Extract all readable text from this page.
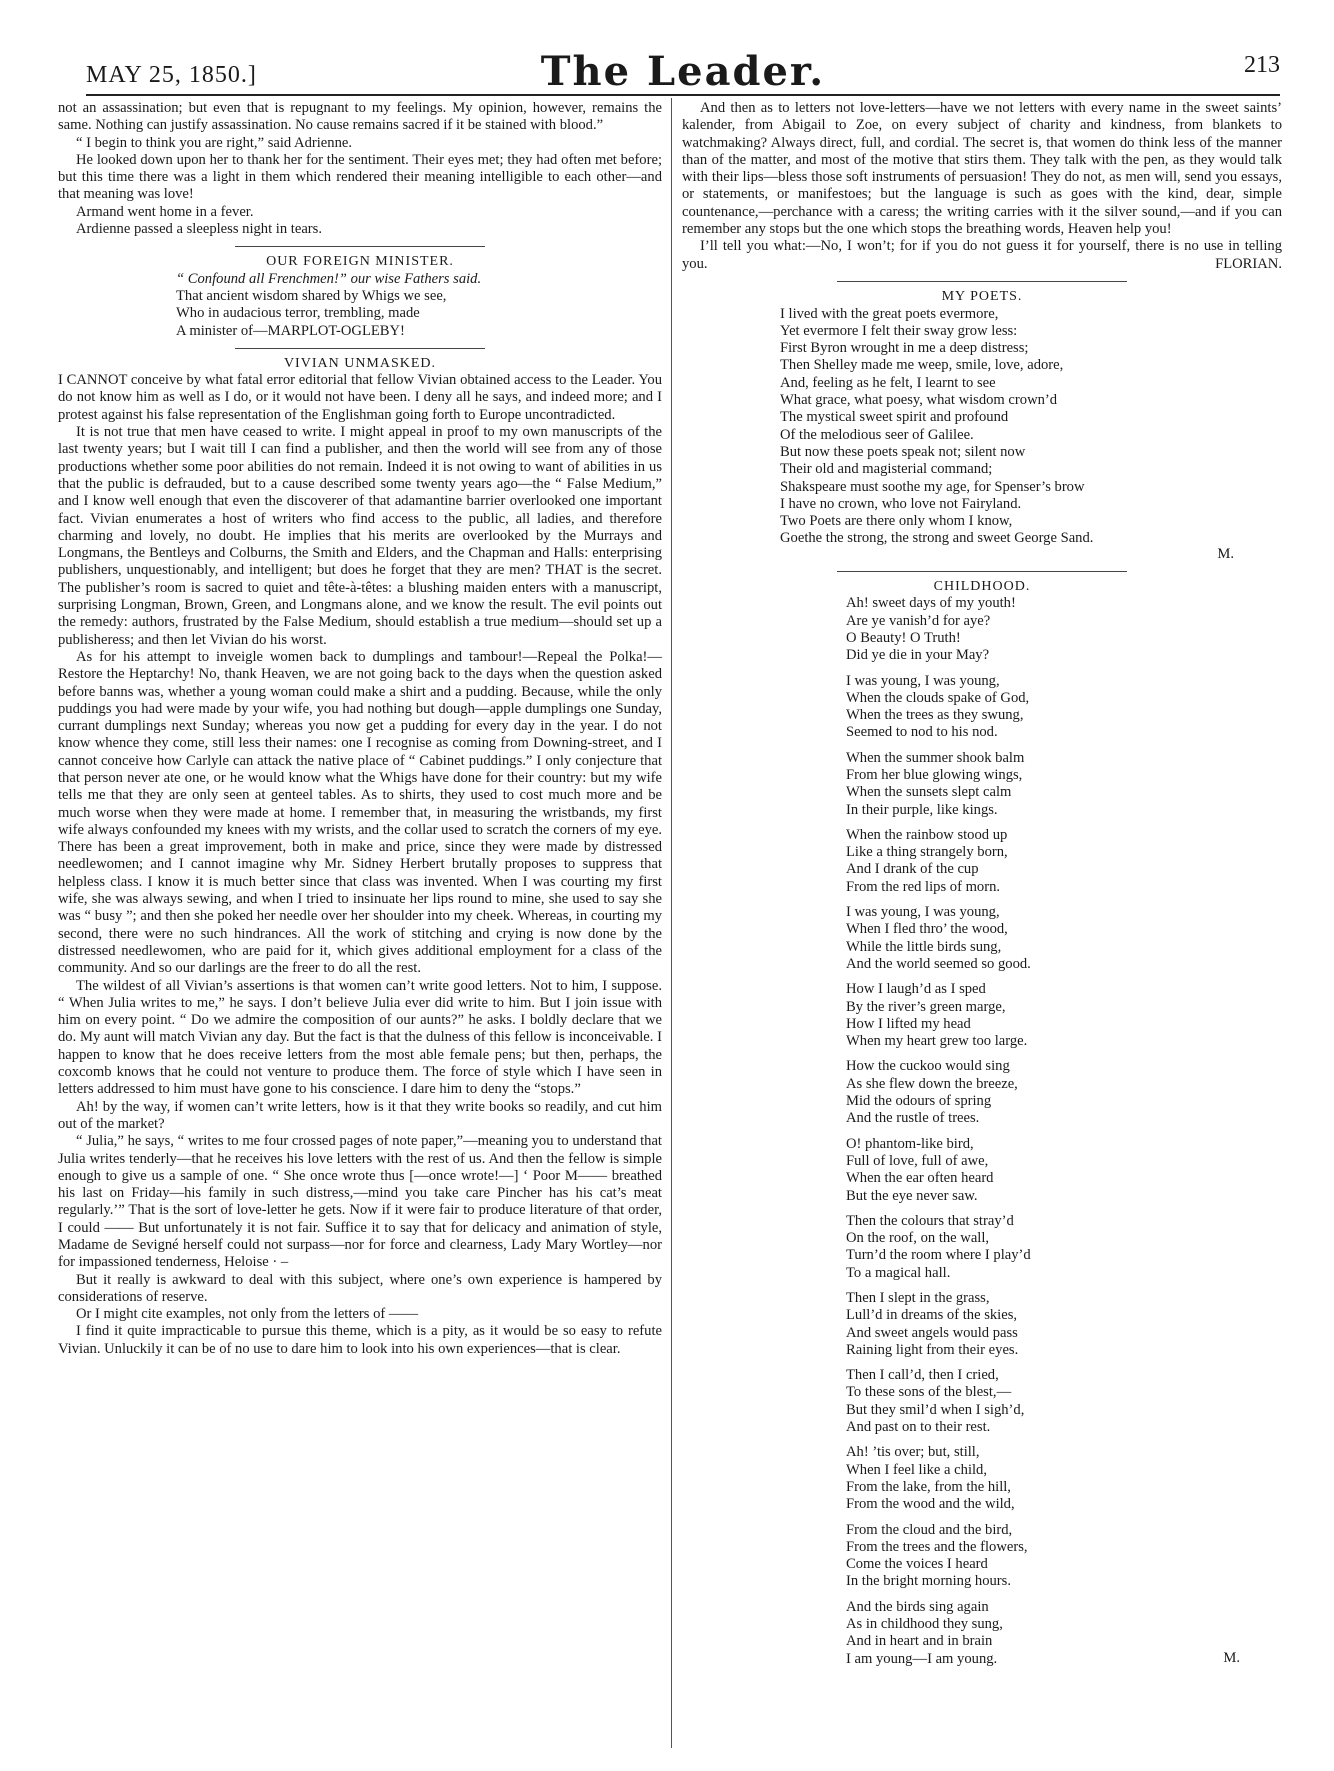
MAY 25, 1850.]	The Leader.	213

not an assassination; but even that is repugnant to my feelings. My opinion, however, remains the same. Nothing can justify assassination. No cause remains sacred if it be stained with blood.”

“ I begin to think you are right,” said Adrienne.

He looked down upon her to thank her for the sentiment. Their eyes met; they had often met before; but this time there was a light in them which rendered their meaning intelligible to each other—and that meaning was love!

Armand went home in a fever.

Ardienne passed a sleepless night in tears.

OUR FOREIGN MINISTER.
“ Confound all Frenchmen!” our wise Fathers said.
That ancient wisdom shared by Whigs we see,
Who in audacious terror, trembling, made
A minister of—MARPLOT-OGLEBY!
VIVIAN UNMASKED.

I CANNOT conceive by what fatal error editorial that fellow Vivian obtained access to the Leader. You do not know him as well as I do, or it would not have been. I deny all he says, and indeed more; and I protest against his false representation of the Englishman going forth to Europe uncontradicted.

It is not true that men have ceased to write. I might appeal in proof to my own manuscripts of the last twenty years; but I wait till I can find a publisher, and then the world will see from any of those productions whether some poor abilities do not remain. Indeed it is not owing to want of abilities in us that the public is defrauded, but to a cause described some twenty years ago—the “ False Medium,” and I know well enough that even the discoverer of that adamantine barrier overlooked one important fact. Vivian enumerates a host of writers who find access to the public, all ladies, and therefore charming and lovely, no doubt. He implies that his merits are overlooked by the Murrays and Longmans, the Bentleys and Colburns, the Smith and Elders, and the Chapman and Halls: enterprising publishers, unquestionably, and intelligent; but does he forget that they are men? THAT is the secret. The publisher’s room is sacred to quiet and tête-à-têtes: a blushing maiden enters with a manuscript, surprising Longman, Brown, Green, and Longmans alone, and we know the result. The evil points out the remedy: authors, frustrated by the False Medium, should establish a true medium—should set up a publisheress; and then let Vivian do his worst.

As for his attempt to inveigle women back to dumplings and tambour!—Repeal the Polka!—Restore the Heptarchy! No, thank Heaven, we are not going back to the days when the question asked before banns was, whether a young woman could make a shirt and a pudding. Because, while the only puddings you had were made by your wife, you had nothing but dough—apple dumplings one Sunday, currant dumplings next Sunday; whereas you now get a pudding for every day in the year. I do not know whence they come, still less their names: one I recognise as coming from Downing-street, and I cannot conceive how Carlyle can attack the native place of “ Cabinet puddings.” I only conjecture that that person never ate one, or he would know what the Whigs have done for their country: but my wife tells me that they are only seen at genteel tables. As to shirts, they used to cost much more and be much worse when they were made at home. I remember that, in measuring the wristbands, my first wife always confounded my knees with my wrists, and the collar used to scratch the corners of my eye. There has been a great improvement, both in make and price, since they were made by distressed needlewomen; and I cannot imagine why Mr. Sidney Herbert brutally proposes to suppress that helpless class. I know it is much better since that class was invented. When I was courting my first wife, she was always sewing, and when I tried to insinuate her lips round to mine, she used to say she was “ busy ”; and then she poked her needle over her shoulder into my cheek. Whereas, in courting my second, there were no such hindrances. All the work of stitching and crying is now done by the distressed needlewomen, who are paid for it, which gives additional employment for a class of the community. And so our darlings are the freer to do all the rest.

The wildest of all Vivian’s assertions is that women can’t write good letters. Not to him, I suppose. “ When Julia writes to me,” he says. I don’t believe Julia ever did write to him. But I join issue with him on every point. “ Do we admire the composition of our aunts?” he asks. I boldly declare that we do. My aunt will match Vivian any day. But the fact is that the dulness of this fellow is inconceivable. I happen to know that he does receive letters from the most able female pens; but then, perhaps, the coxcomb knows that he could not venture to produce them. The force of style which I have seen in letters addressed to him must have gone to his conscience. I dare him to deny the “stops.”

Ah! by the way, if women can’t write letters, how is it that they write books so readily, and cut him out of the market?

“ Julia,” he says, “ writes to me four crossed pages of note paper,”—meaning you to understand that Julia writes tenderly—that he receives his love letters with the rest of us. And then the fellow is simple enough to give us a sample of one. “ She once wrote thus [—once wrote!—] ‘ Poor M—— breathed his last on Friday—his family in such distress,—mind you take care Pincher has his cat’s meat regularly.’” That is the sort of love-letter he gets. Now if it were fair to produce literature of that order, I could —— But unfortunately it is not fair. Suffice it to say that for delicacy and animation of style, Madame de Sevigné herself could not surpass—nor for force and clearness, Lady Mary Wortley—nor for impassioned tenderness, Heloise · –

But it really is awkward to deal with this subject, where one’s own experience is hampered by considerations of reserve.

Or I might cite examples, not only from the letters of ——

I find it quite impracticable to pursue this theme, which is a pity, as it would be so easy to refute Vivian. Unluckily it can be of no use to dare him to look into his own experiences—that is clear.

And then as to letters not love-letters—have we not letters with every name in the sweet saints’ kalender, from Abigail to Zoe, on every subject of charity and kindness, from blankets to watchmaking? Always direct, full, and cordial. The secret is, that women do think less of the manner than of the matter, and most of the motive that stirs them. They talk with the pen, as they would talk with their lips—bless those soft instruments of persuasion! They do not, as men will, send you essays, or statements, or manifestoes; but the language is such as goes with the kind, dear, simple countenance,—perchance with a caress; the writing carries with it the silver sound,—and if you can remember any stops but the one which stops the breathing words, Heaven help you!

I’ll tell you what:—No, I won’t; for if you do not guess it for yourself, there is no use in telling you.	FLORIAN.
MY POETS.
I lived with the great poets evermore,
Yet evermore I felt their sway grow less:
First Byron wrought in me a deep distress;
Then Shelley made me weep, smile, love, adore,
And, feeling as he felt, I learnt to see
What grace, what poesy, what wisdom crown’d
The mystical sweet spirit and profound
Of the melodious seer of Galilee.
But now these poets speak not; silent now
Their old and magisterial command;
Shakspeare must soothe my age, for Spenser’s brow
I have no crown, who love not Fairyland.
Two Poets are there only whom I know,
Goethe the strong, the strong and sweet George Sand.
M.
CHILDHOOD.
Ah! sweet days of my youth!
Are ye vanish’d for aye?
O Beauty! O Truth!
Did ye die in your May?
I was young, I was young,
When the clouds spake of God,
When the trees as they swung,
Seemed to nod to his nod.
When the summer shook balm
From her blue glowing wings,
When the sunsets slept calm
In their purple, like kings.
When the rainbow stood up
Like a thing strangely born,
And I drank of the cup
From the red lips of morn.
I was young, I was young,
When I fled thro’ the wood,
While the little birds sung,
And the world seemed so good.
How I laugh’d as I sped
By the river’s green marge,
How I lifted my head
When my heart grew too large.
How the cuckoo would sing
As she flew down the breeze,
Mid the odours of spring
And the rustle of trees.
O! phantom-like bird,
Full of love, full of awe,
When the ear often heard
But the eye never saw.
Then the colours that stray’d
On the roof, on the wall,
Turn’d the room where I play’d
To a magical hall.
Then I slept in the grass,
Lull’d in dreams of the skies,
And sweet angels would pass
Raining light from their eyes.
Then I call’d, then I cried,
To these sons of the blest,—
But they smil’d when I sigh’d,
And past on to their rest.
Ah! ’tis over; but, still,
When I feel like a child,
From the lake, from the hill,
From the wood and the wild,
From the cloud and the bird,
From the trees and the flowers,
Come the voices I heard
In the bright morning hours.
And the birds sing again
As in childhood they sung,
And in heart and in brain
I am young—I am young.	M.
